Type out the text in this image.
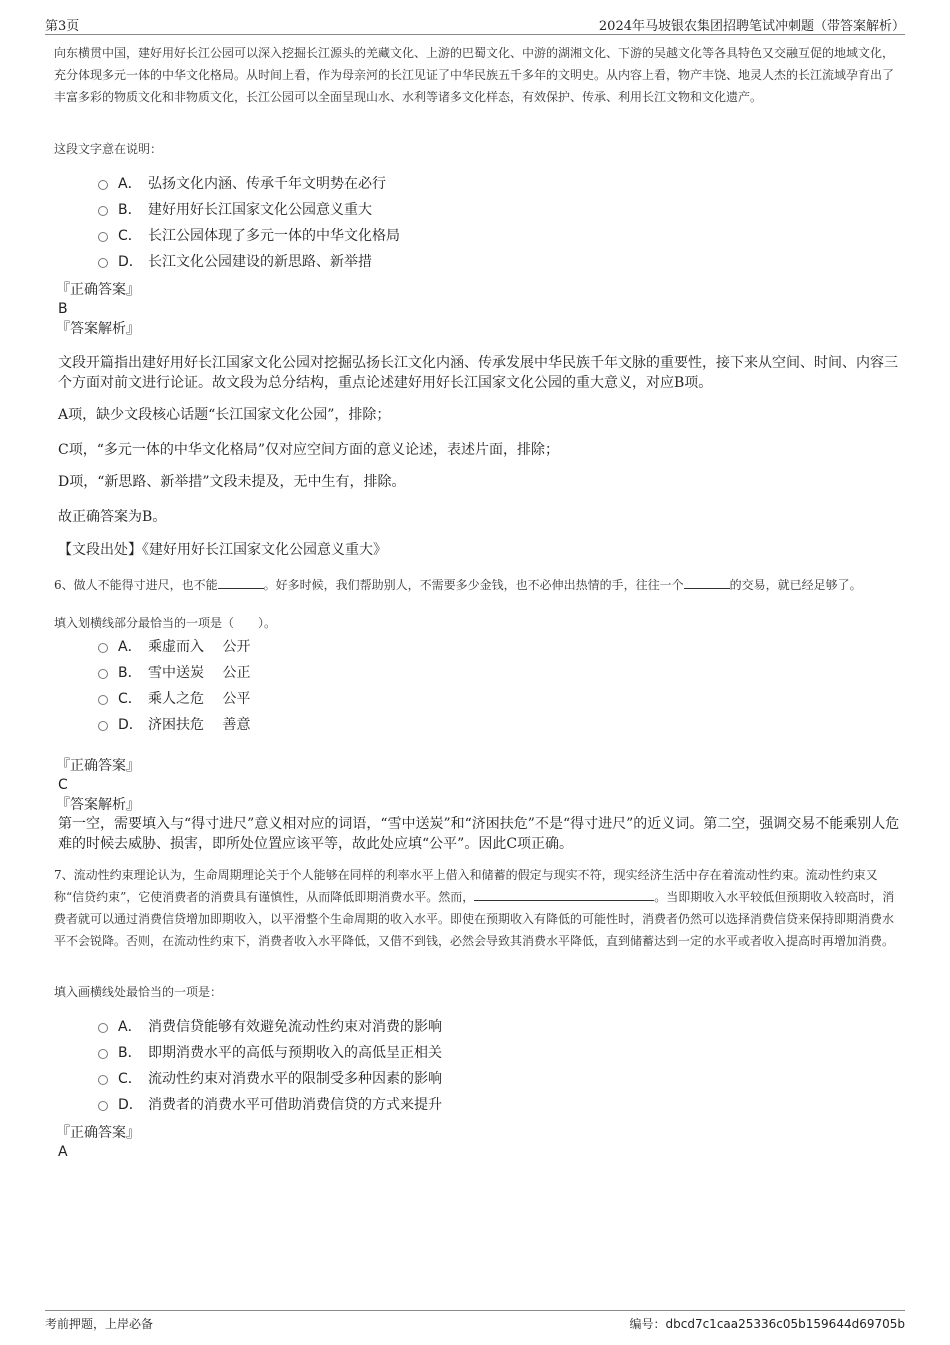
第3页	2024年马坡银农集团招聘笔试冲刺题（带答案解析）

向东横贯中国，建好用好长江公园可以深入挖掘长江源头的羌藏文化、上游的巴蜀文化、中游的湖湘文化、下游的吴越文化等各具特色又交融互促的地域文化，充分体现多元一体的中华文化格局。从时间上看，作为母亲河的长江见证了中华民族五千多年的文明史。从内容上看，物产丰饶、地灵人杰的长江流域孕育出了丰富多彩的物质文化和非物质文化，长江公园可以全面呈现山水、水利等诸多文化样态，有效保护、传承、利用长江文物和文化遗产。

这段文字意在说明：

A． 弘扬文化内涵、传承千年文明势在必行
B． 建好用好长江国家文化公园意义重大
C． 长江公园体现了多元一体的中华文化格局
D． 长江文化公园建设的新思路、新举措

『正确答案』

B

『答案解析』

文段开篇指出建好用好长江国家文化公园对挖掘弘扬长江文化内涵、传承发展中华民族千年文脉的重要性，接下来从空间、时间、内容三个方面对前文进行论证。故文段为总分结构，重点论述建好用好长江国家文化公园的重大意义，对应B项。

A项，缺少文段核心话题“长江国家文化公园”，排除；

C项，“多元一体的中华文化格局”仅对应空间方面的意义论述，表述片面，排除；

D项，“新思路、新举措”文段未提及，无中生有，排除。

故正确答案为B。

【文段出处】《建好用好长江国家文化公园意义重大》

6、做人不能得寸进尺，也不能	。好多时候，我们帮助别人，不需要多少金钱，也不必伸出热情的手，往往一个	的交易，就已经足够了。

填入划横线部分最恰当的一项是（　　）。

A． 乘虚而入　 公开
B． 雪中送炭　 公正
C． 乘人之危　 公平
D． 济困扶危　 善意

『正确答案』

C

『答案解析』

第一空，需要填入与“得寸进尺”意义相对应的词语，“雪中送炭”和“济困扶危”不是“得寸进尺”的近义词。第二空，强调交易不能乘别人危难的时候去威胁、损害，即所处位置应该平等，故此处应填“公平”。因此C项正确。

7、流动性约束理论认为，生命周期理论关于个人能够在同样的利率水平上借入和储蓄的假定与现实不符，现实经济生活中存在着流动性约束。流动性约束又称“信贷约束”，它使消费者的消费具有谨慎性，从而降低即期消费水平。然而，	。当即期收入水平较低但预期收入较高时，消费者就可以通过消费信贷增加即期收入，以平滑整个生命周期的收入水平。即使在预期收入有降低的可能性时，消费者仍然可以选择消费信贷来保持即期消费水平不会锐降。否则，在流动性约束下，消费者收入水平降低，又借不到钱，必然会导致其消费水平降低，直到储蓄达到一定的水平或者收入提高时再增加消费。

填入画横线处最恰当的一项是：

A． 消费信贷能够有效避免流动性约束对消费的影响
B． 即期消费水平的高低与预期收入的高低呈正相关
C． 流动性约束对消费水平的限制受多种因素的影响
D． 消费者的消费水平可借助消费信贷的方式来提升

『正确答案』

A

考前押题，上岸必备	编号：dbcd7c1caa25336c05b159644d69705b
